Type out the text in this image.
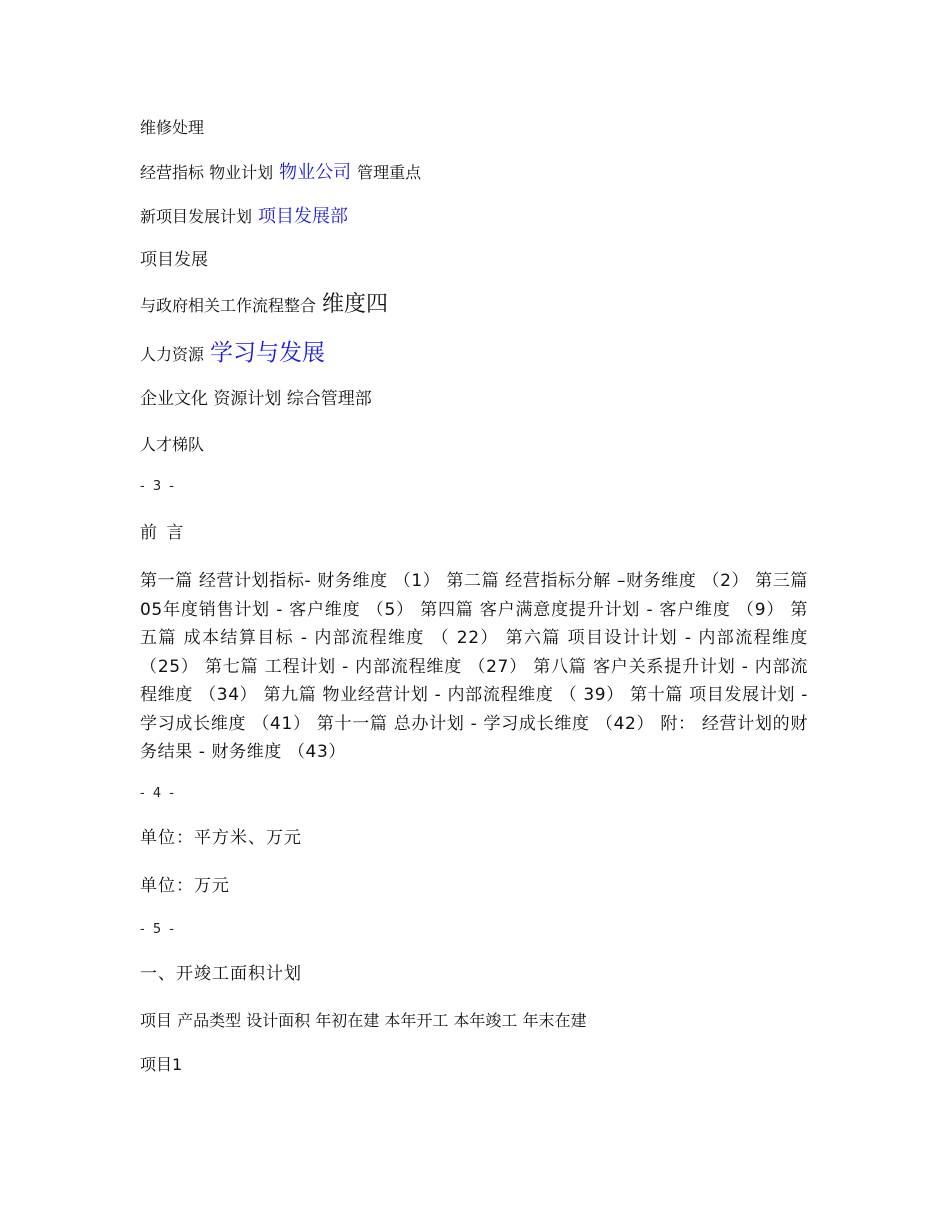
维修处理
经营指标 物业计划 物业公司 管理重点
新项目发展计划 项目发展部
项目发展
与政府相关工作流程整合 维度四
人力资源 学习与发展
企业文化 资源计划 综合管理部
人才梯队
- 3 -
前 言
第一篇 经营计划指标- 财务维度 （1） 第二篇 经营指标分解 –财务维度 （2） 第三篇 05年度销售计划 - 客户维度 （5） 第四篇 客户满意度提升计划 - 客户维度 （9） 第五篇 成本结算目标 - 内部流程维度 （ 22） 第六篇 项目设计计划 - 内部流程维度 （25） 第七篇 工程计划 - 内部流程维度 （27） 第八篇 客户关系提升计划 - 内部流程维度 （34） 第九篇 物业经营计划 - 内部流程维度 （ 39） 第十篇 项目发展计划 - 学习成长维度 （41） 第十一篇 总办计划 - 学习成长维度 （42） 附： 经营计划的财务结果 - 财务维度 （43）
- 4 -
单位：平方米、万元
单位：万元
- 5 -
一、开竣工面积计划
项目 产品类型 设计面积 年初在建 本年开工 本年竣工 年末在建
项目1
